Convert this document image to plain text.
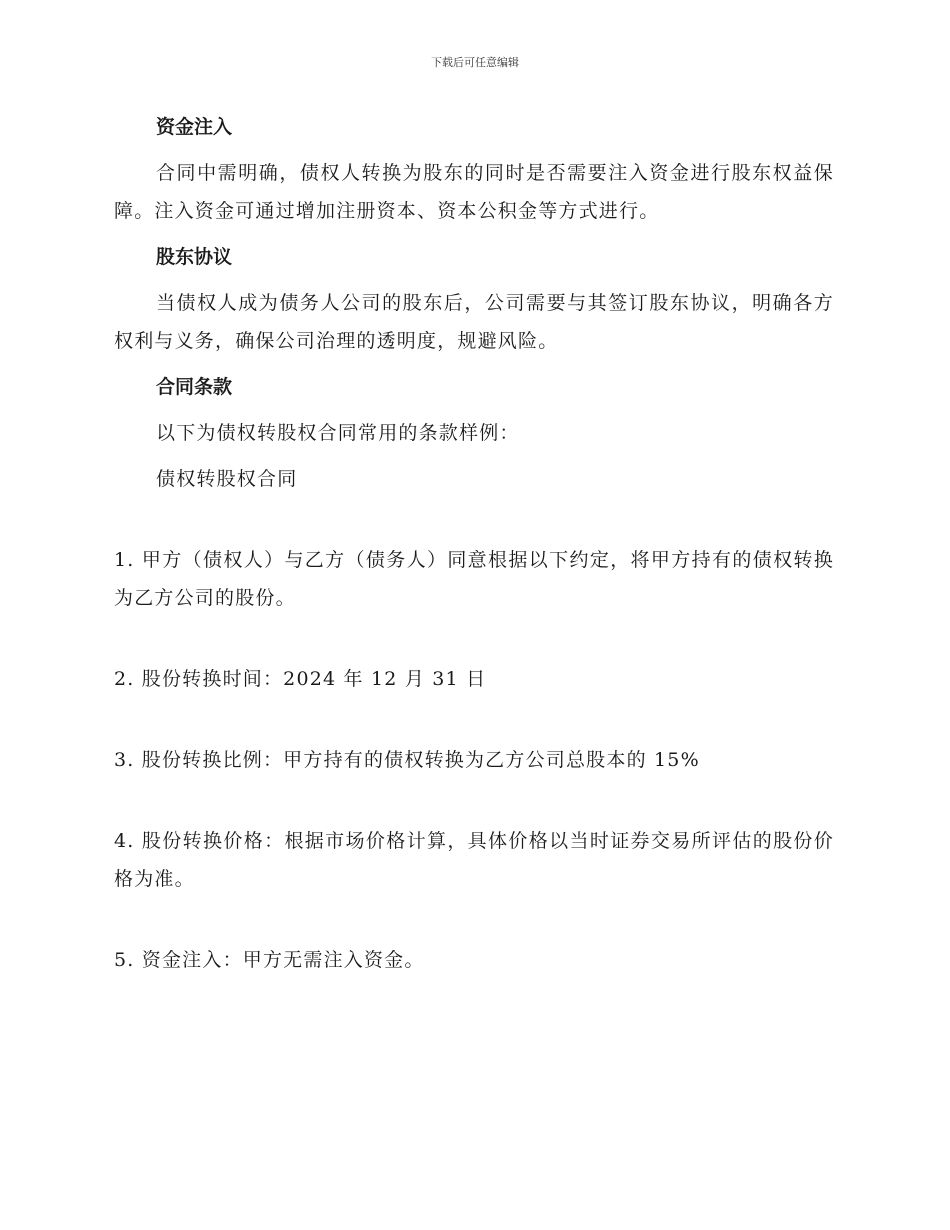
下载后可任意编辑
资金注入

合同中需明确，债权人转换为股东的同时是否需要注入资金进行股东权益保障。注入资金可通过增加注册资本、资本公积金等方式进行。

股东协议

当债权人成为债务人公司的股东后，公司需要与其签订股东协议，明确各方权利与义务，确保公司治理的透明度，规避风险。

合同条款

以下为债权转股权合同常用的条款样例：

债权转股权合同

1. 甲方（债权人）与乙方（债务人）同意根据以下约定，将甲方持有的债权转换为乙方公司的股份。

2. 股份转换时间：2024 年 12 月 31 日

3. 股份转换比例：甲方持有的债权转换为乙方公司总股本的 15%

4. 股份转换价格：根据市场价格计算，具体价格以当时证券交易所评估的股份价格为准。

5. 资金注入：甲方无需注入资金。
